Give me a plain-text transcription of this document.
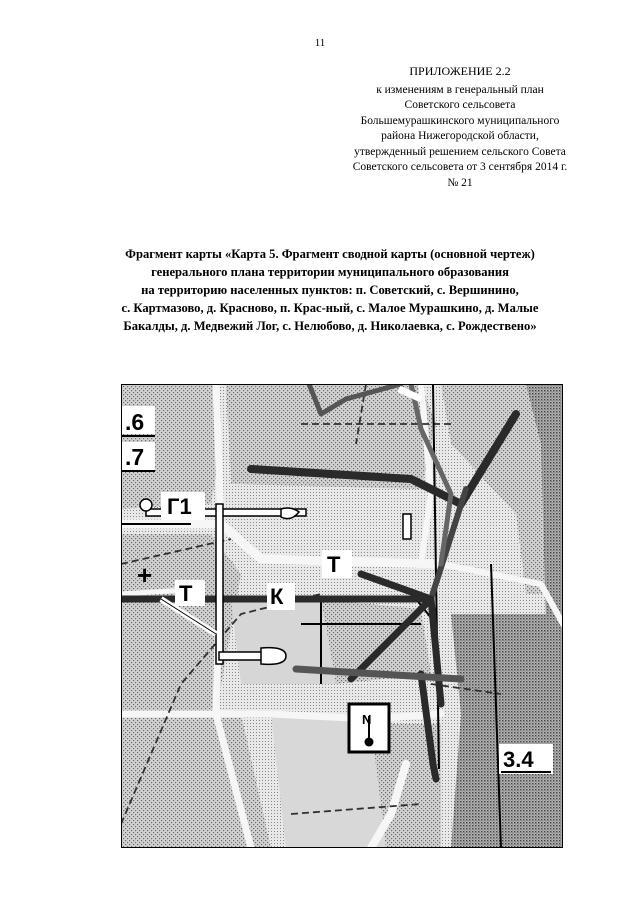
11
ПРИЛОЖЕНИЕ 2.2
к изменениям в генеральный план
Советского сельсовета
Большемурашкинского муниципального
района Нижегородской области,
утвержденный решением сельского Совета
Советского сельсовета от 3 сентября 2014 г.
№ 21
Фрагмент карты «Карта 5. Фрагмент сводной карты (основной чертеж)
генерального плана территории муниципального образования
на территорию населенных пунктов: п. Советский, с. Вершинино,
с. Картмазово, д. Красново, п. Крас-ный, с. Малое Мурашкино, д. Малые
Бакалды, д. Медвежий Лог, с. Нелюбово, д. Николаевка, с. Рождествено»
N
.6
.7
Г1
Т
Т	К
+
3.4
